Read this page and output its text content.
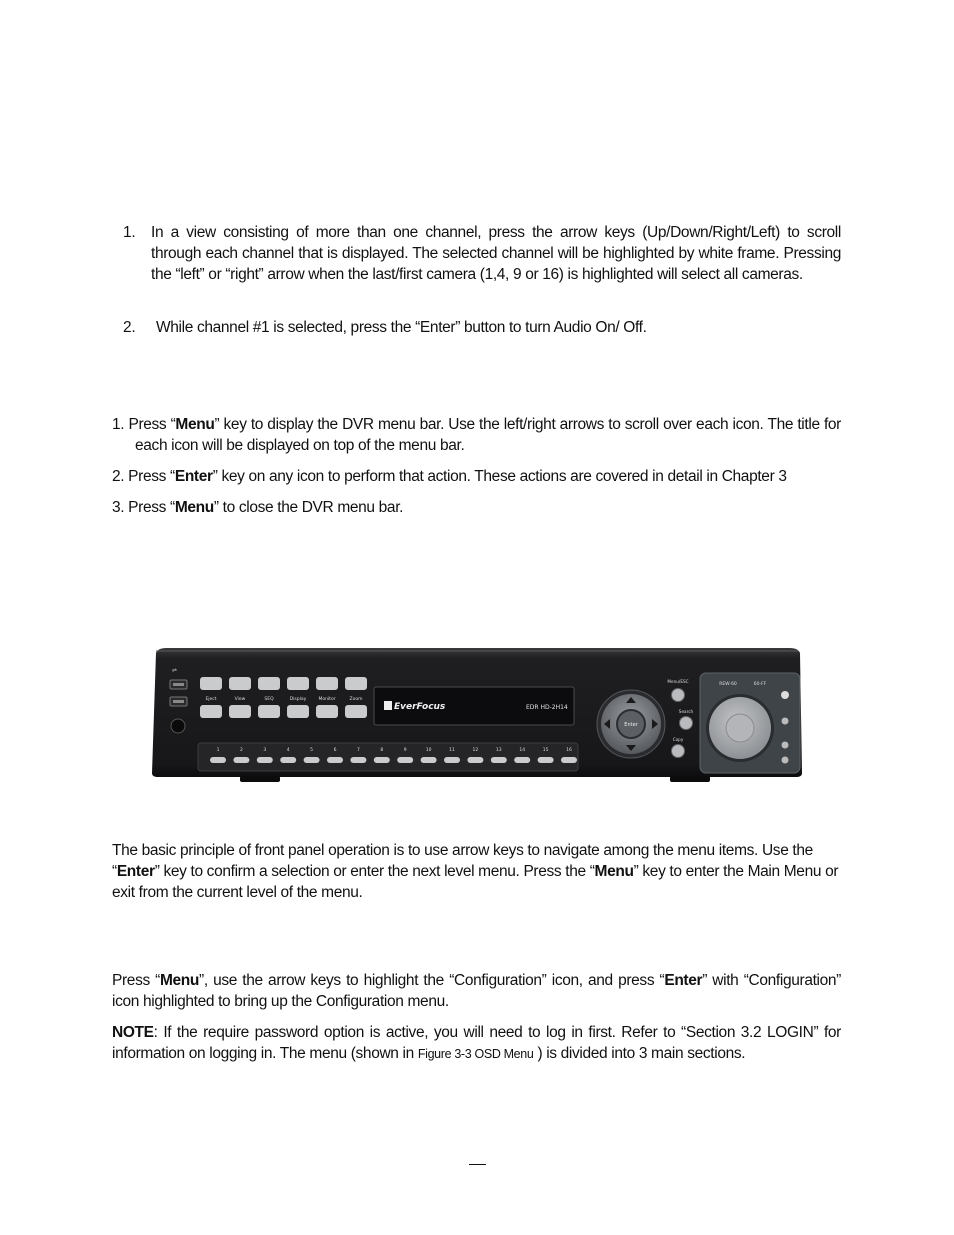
1. In a view consisting of more than one channel, press the arrow keys (Up/Down/Right/Left) to scroll through each channel that is displayed. The selected channel will be highlighted by white frame. Pressing the “left” or “right” arrow when the last/first camera (1,4, 9 or 16) is highlighted will select all cameras.
2. While channel #1 is selected, press the “Enter” button to turn Audio On/ Off.
1. Press “Menu” key to display the DVR menu bar. Use the left/right arrows to scroll over each icon. The title for each icon will be displayed on top of the menu bar.
2. Press “Enter” key on any icon to perform that action. These actions are covered in detail in Chapter 3
3. Press “Menu” to close the DVR menu bar.
⇌
Eject	View	SEQ	Display	Monitor	Zoom
1	2	3	4	5	6	7	8	9	10	11	12	13	14	15	16
EverFocus	EDR HD-2H14
Enter
Menu/ESC
Search
Copy
REW-60	60-FF
The basic principle of front panel operation is to use arrow keys to navigate among the menu items. Use the “Enter” key to confirm a selection or enter the next level menu. Press the “Menu” key to enter the Main Menu or exit from the current level of the menu.
Press “Menu”, use the arrow keys to highlight the “Configuration” icon, and press “Enter” with “Configuration” icon highlighted to bring up the Configuration menu.
NOTE: If the require password option is active, you will need to log in first. Refer to “Section 3.2 LOGIN” for information on logging in. The menu (shown in Figure 3-3 OSD Menu ) is divided into 3 main sections.
